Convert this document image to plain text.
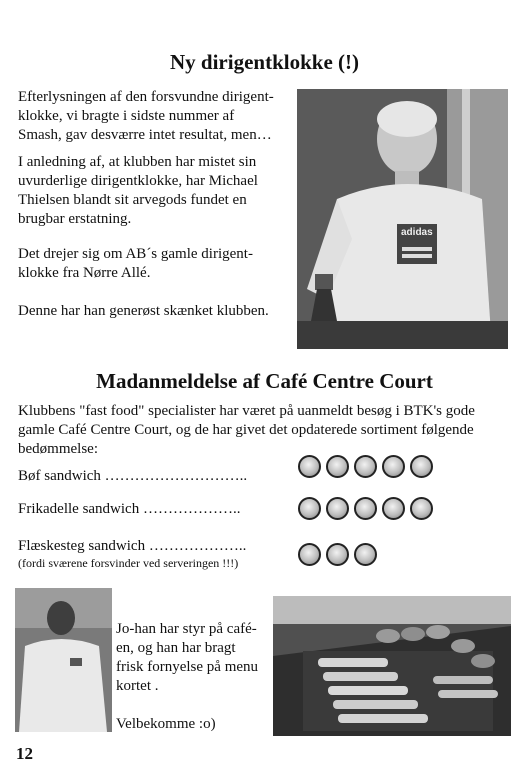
Ny dirigentklokke (!)
Efterlysningen af den forsvundne dirigent-
klokke, vi bragte i sidste nummer af
Smash, gav desværre intet resultat, men…
I anledning af, at klubben har mistet sin
uvurderlige dirigentklokke, har Michael
Thielsen blandt sit arvegods fundet en
brugbar erstatning.
Det drejer sig om AB´s gamle dirigent-
klokke fra Nørre Allé.
Denne har han generøst skænket klubben.
adidas
Madanmeldelse af Café Centre Court
Klubbens "fast food" specialister har været på uanmeldt besøg i BTK's gode
gamle Café Centre Court, og de har givet det opdaterede sortiment følgende
bedømmelse:
Bøf sandwich ………………………..
Frikadelle sandwich ………………..
Flæskesteg sandwich ………………..
(fordi sværene forsvinder ved serveringen !!!)
Jo-han har styr på café-
en, og han har bragt
frisk fornyelse på menu
kortet .
Velbekomme :o)
12
